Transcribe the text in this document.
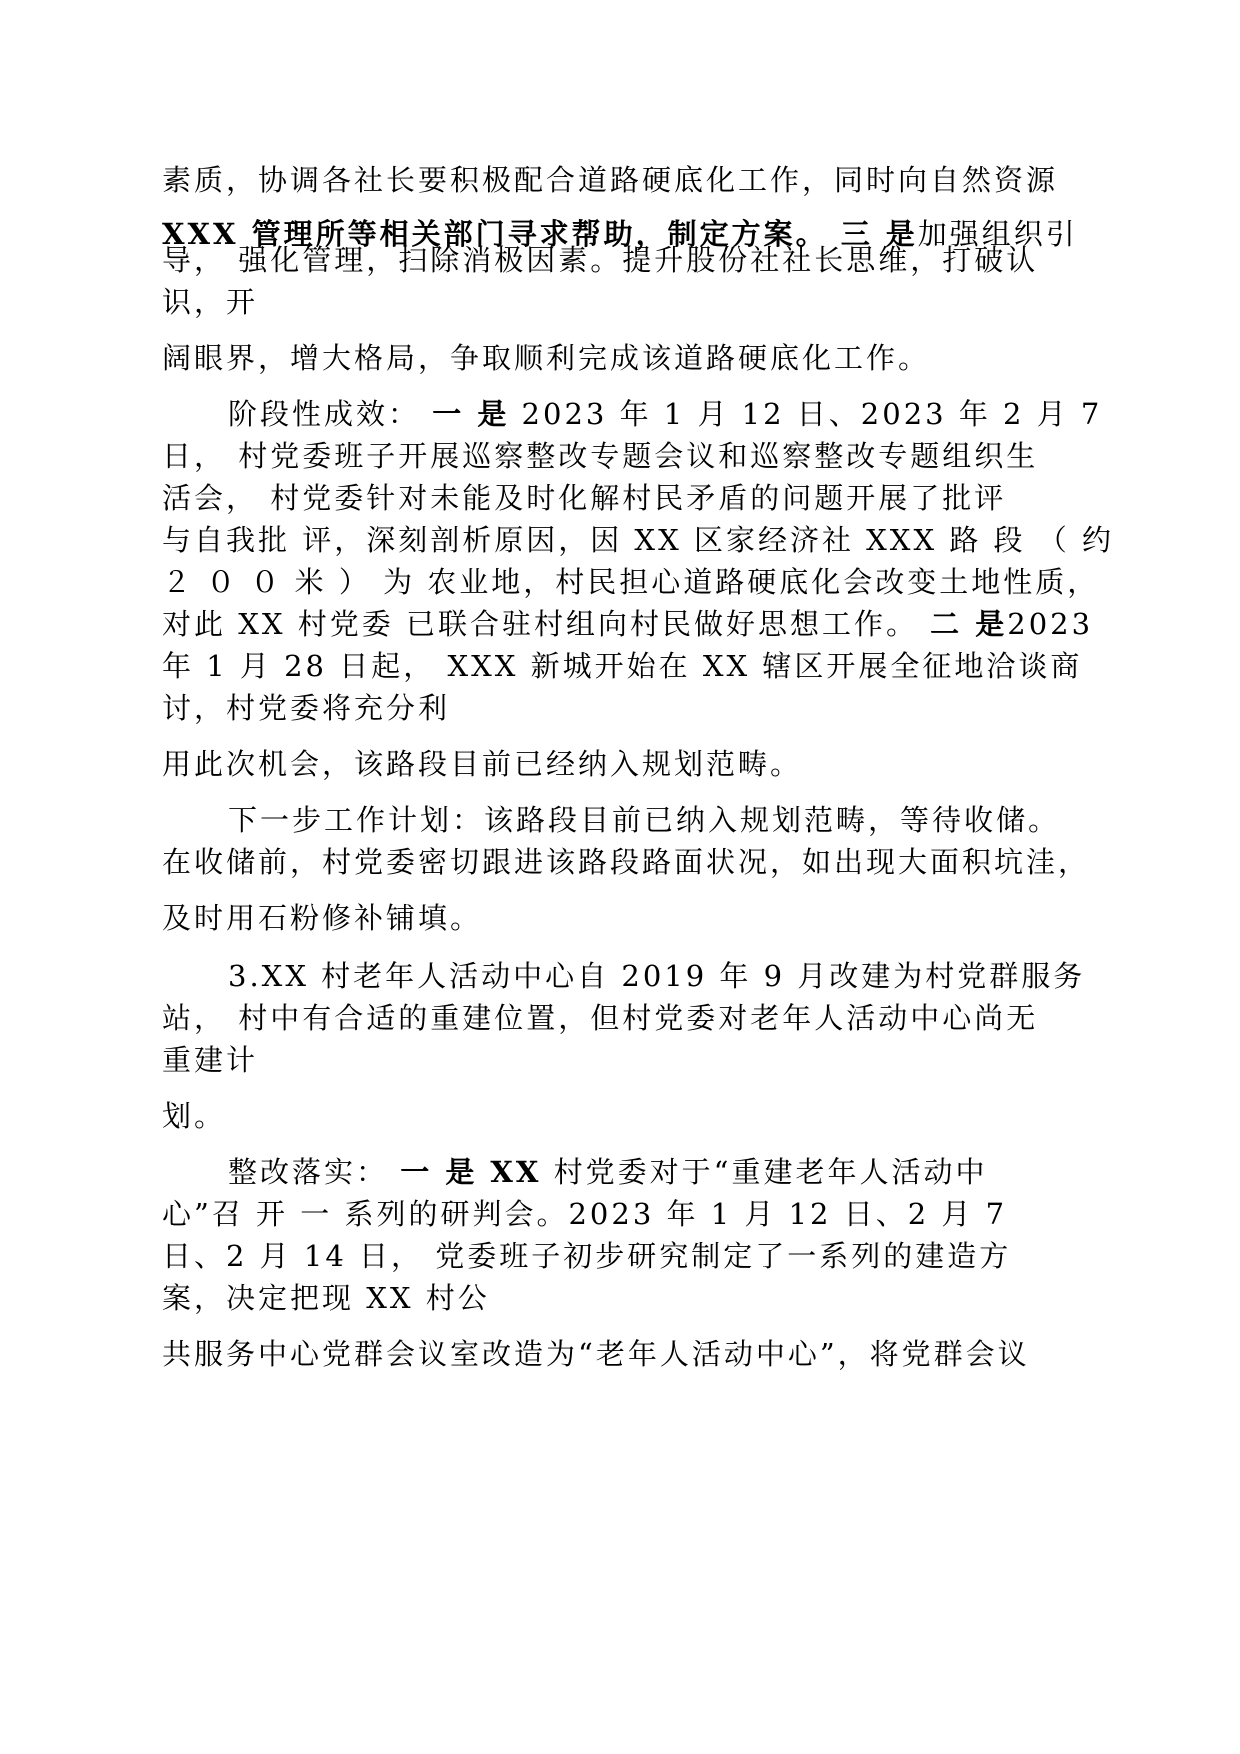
素质，协调各社长要积极配合道路硬底化工作，同时向自然资源
XXX 管理所等相关部门寻求帮助，制定方案。 三 是加强组织引
导， 强化管理，扫除消极因素。提升股份社社长思维，打破认
识，开
阔眼界，增大格局，争取顺利完成该道路硬底化工作。
阶段性成效： 一 是 2023 年 1 月 12 日、2023 年 2 月 7
日， 村党委班子开展巡察整改专题会议和巡察整改专题组织生
活会， 村党委针对未能及时化解村民矛盾的问题开展了批评
与自我批 评，深刻剖析原因，因 XX 区家经济社 XXX 路 段 （ 约
２ ０ ０ 米 ） 为 农业地，村民担心道路硬底化会改变土地性质，
对此 XX 村党委 已联合驻村组向村民做好思想工作。 二 是2023
年 1 月 28 日起， XXX 新城开始在 XX 辖区开展全征地洽谈商
讨，村党委将充分利
用此次机会，该路段目前已经纳入规划范畴。
下一步工作计划：该路段目前已纳入规划范畴，等待收储。
在收储前，村党委密切跟进该路段路面状况，如出现大面积坑洼，
及时用石粉修补铺填。
3.XX 村老年人活动中心自 2019 年 9 月改建为村党群服务
站， 村中有合适的重建位置，但村党委对老年人活动中心尚无
重建计
划。
整改落实： 一 是 XX 村党委对于“重建老年人活动中
心”召 开 一 系列的研判会。2023 年 1 月 12 日、2 月 7
日、2 月 14 日， 党委班子初步研究制定了一系列的建造方
案，决定把现 XX 村公
共服务中心党群会议室改造为“老年人活动中心”，将党群会议
